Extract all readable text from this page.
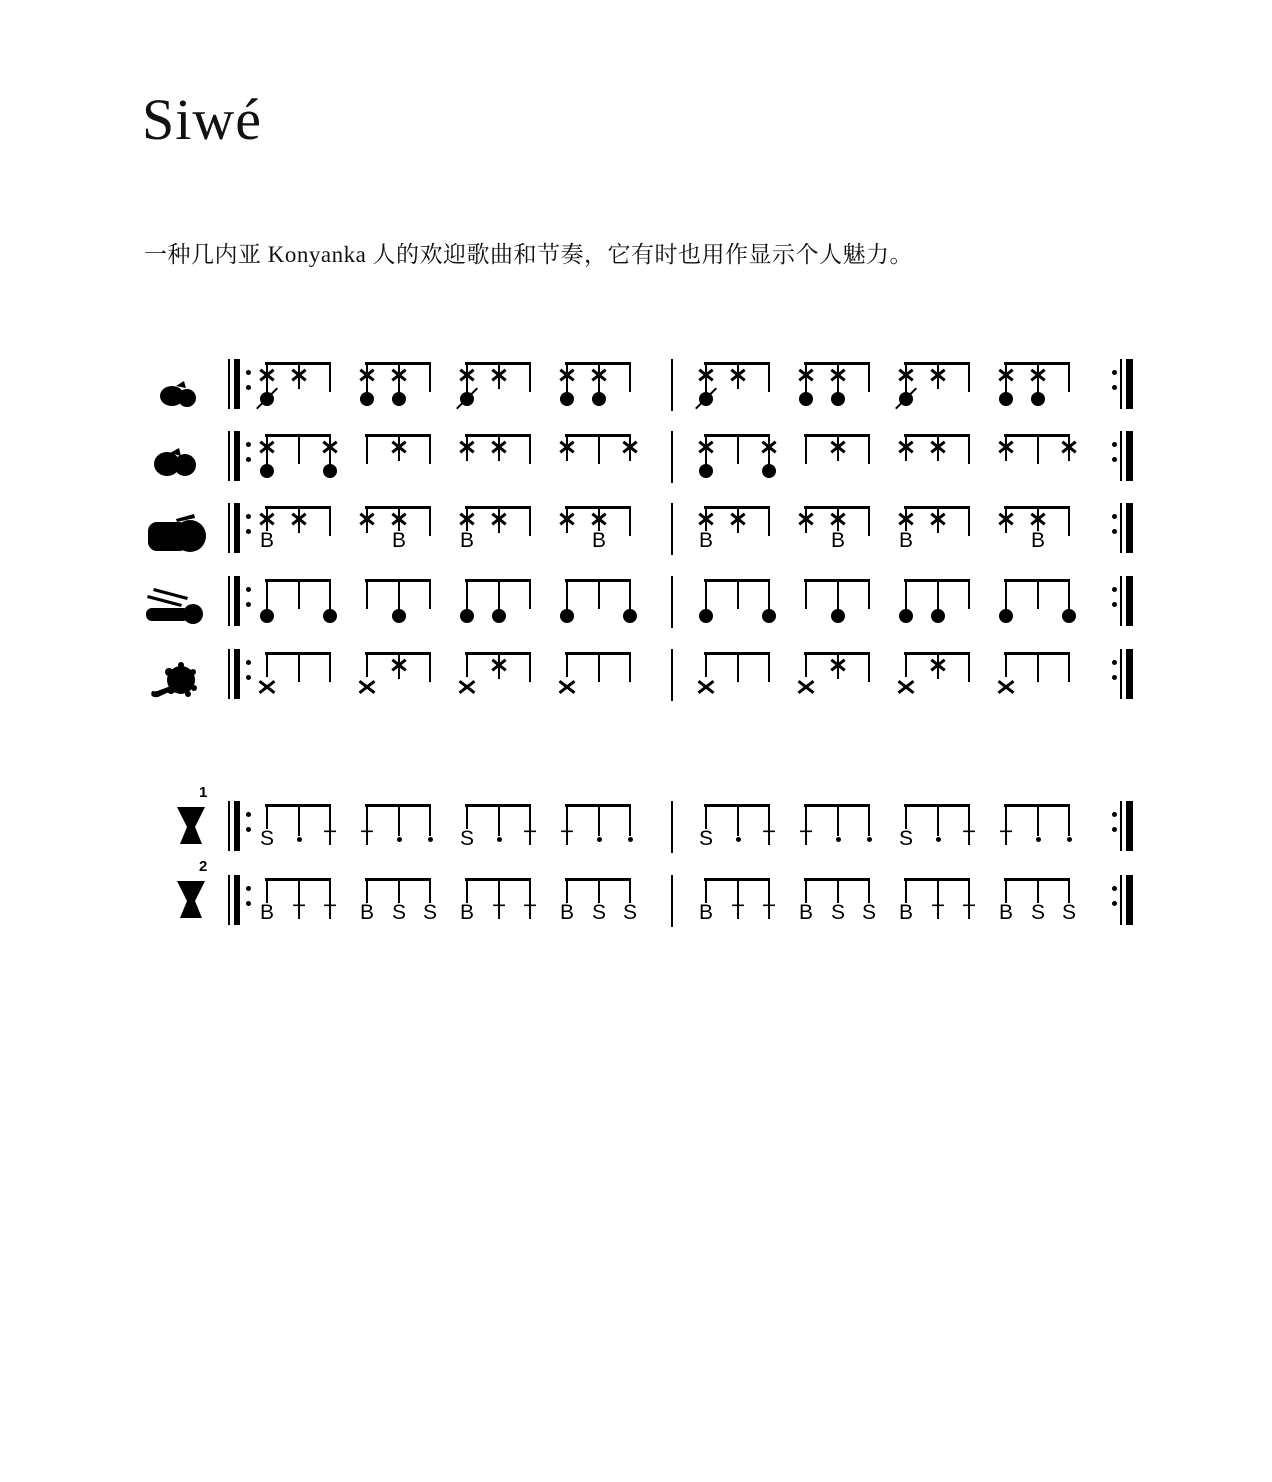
Siwé
一种几内亚 Konyanka 人的欢迎歌曲和节奏，它有时也用作显示个人魅力。
B	B	B	B	B	B	B	B
1
S T T	S T T	S T T	S T T
2
B T T B S S B T T B S S	B T T B S S B T T B S S
